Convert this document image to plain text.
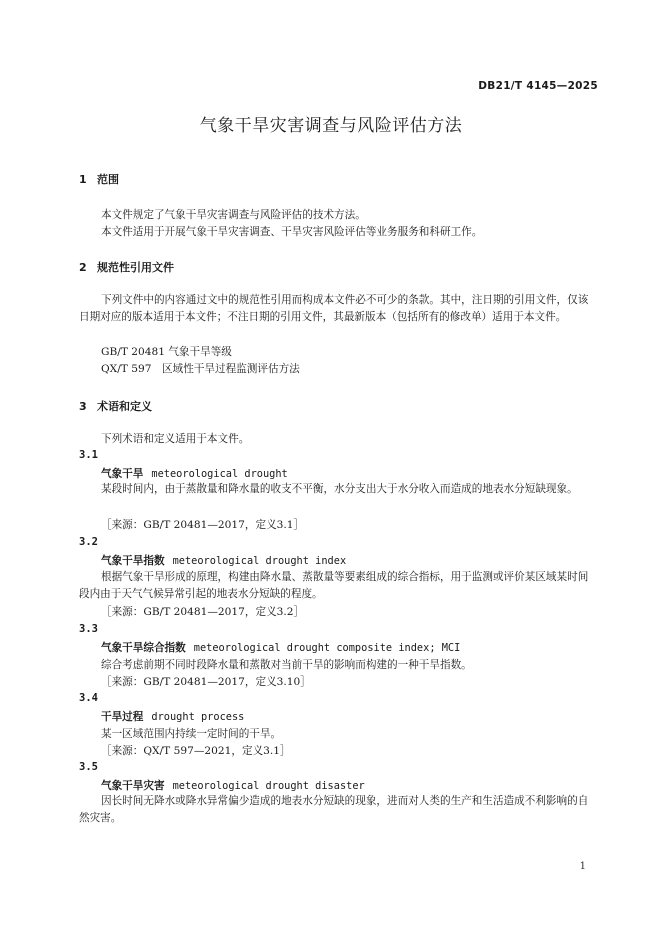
DB21/T 4145—2025
气象干旱灾害调查与风险评估方法
1 范围
本文件规定了气象干旱灾害调查与风险评估的技术方法。
本文件适用于开展气象干旱灾害调查、干旱灾害风险评估等业务服务和科研工作。
2 规范性引用文件
下列文件中的内容通过文中的规范性引用而构成本文件必不可少的条款。其中，注日期的引用文件，仅该日期对应的版本适用于本文件；不注日期的引用文件，其最新版本（包括所有的修改单）适用于本文件。
GB/T 20481 气象干旱等级
QX/T 597　区域性干旱过程监测评估方法
3 术语和定义
下列术语和定义适用于本文件。
3.1
气象干旱 meteorological drought
某段时间内，由于蒸散量和降水量的收支不平衡，水分支出大于水分收入而造成的地表水分短缺现象。
［来源：GB/T 20481—2017，定义3.1］
3.2
气象干旱指数 meteorological drought index
根据气象干旱形成的原理，构建由降水量、蒸散量等要素组成的综合指标，用于监测或评价某区域某时间段内由于天气气候异常引起的地表水分短缺的程度。
［来源：GB/T 20481—2017，定义3.2］
3.3
气象干旱综合指数 meteorological drought composite index; MCI
综合考虑前期不同时段降水量和蒸散对当前干旱的影响而构建的一种干旱指数。
［来源：GB/T 20481—2017，定义3.10］
3.4
干旱过程 drought process
某一区域范围内持续一定时间的干旱。
［来源：QX/T 597—2021，定义3.1］
3.5
气象干旱灾害 meteorological drought disaster
因长时间无降水或降水异常偏少造成的地表水分短缺的现象，进而对人类的生产和生活造成不利影响的自然灾害。
1
